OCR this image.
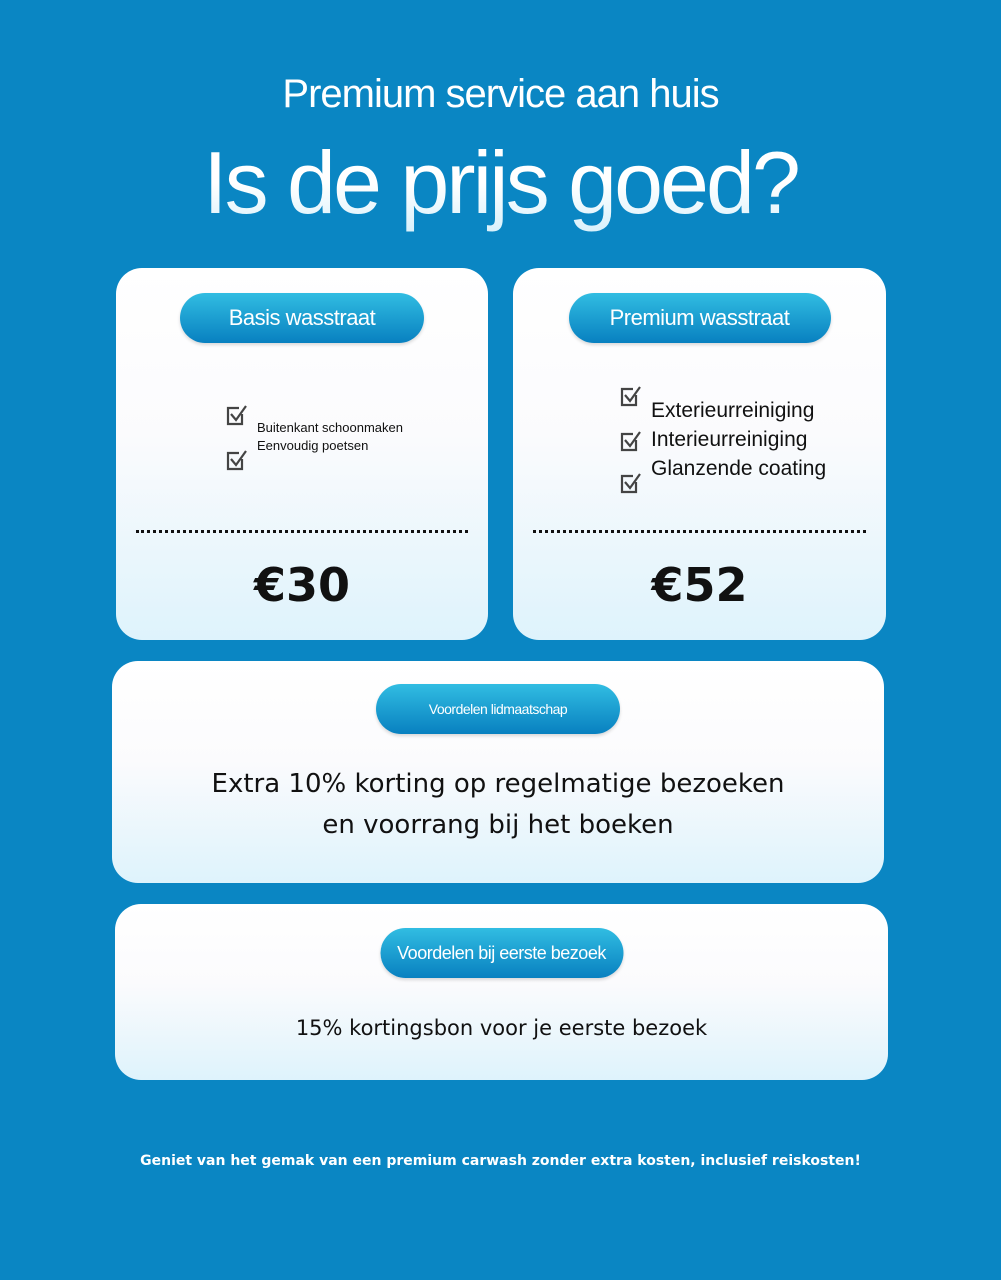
Premium service aan huis
Is de prijs goed?
Basis wasstraat
Buitenkant schoonmaken
Eenvoudig poetsen
€30
Premium wasstraat
Exterieurreiniging
Interieurreiniging
Glanzende coating
€52
Voordelen lidmaatschap
Extra 10% korting op regelmatige bezoeken
en voorrang bij het boeken
Voordelen bij eerste bezoek
15% kortingsbon voor je eerste bezoek
Geniet van het gemak van een premium carwash zonder extra kosten, inclusief reiskosten!
